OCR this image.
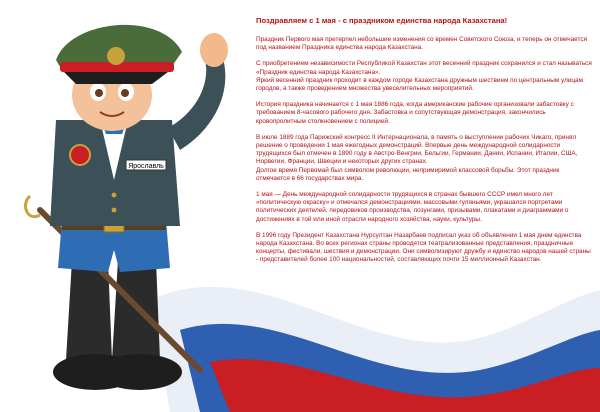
Ярославль
Поздравляем с 1 мая - с праздником единства народа Казахстана!

Праздник Первого мая претерпел небольшие изменения со времен Советского Союза, и теперь он отмечается под названием Праздника единства народа Казахстана.

С приобретением независимости Республикой Казахстан этот весенний праздник сохранился и стал называться «Праздник единства народа Казахстана».

Яркий весенний праздник проходит в каждом городе Казахстана дружным шествием по центральным улицам городов, а также проведением множества увеселительных мероприятий.

История праздника начинается с 1 мая 1886 года, когда американские рабочие организовали забастовку с требованием 8-часового рабочего дня. Забастовка и сопутствующая демонстрация, закончились кровопролитным столкновением с полицией.

В июле 1889 года Парижский конгресс II Интернационала, в память о выступлении рабочих Чикаго, принял решение о проведении 1 мая ежегодных демонстраций. Впервые день международной солидарности трудящихся был отмечен в 1890 году в Австро-Венгрии, Бельгии, Германии, Дании, Испании, Италии, США, Норвегии, Франции, Швеции и некоторых других странах.

Долгое время Первомай был символом революции, непримиримой классовой борьбы. Этот праздник отмечается в 66 государствах мира.

1 мая — День международной солидарности трудящихся в странах бывшего СССР имел много лет «политическую окраску» и отмечался демонстрациями, массовыми гуляньями, украшался портретами политических деятелей, передовиков производства, лозунгами, призывами, плакатами и диаграммами о достижениях в той или иной отрасли народного хозяйства, науки, культуры.

В 1996 году Президент Казахстана Нурсултан Назарбаев подписал указ об объявлении 1 мая днем единства народа Казахстана. Во всех регионах страны проводятся театрализованные представления, праздничные концерты, фестивали, шествия и демонстрации. Они символизируют дружбу и единство народов нашей страны - представителей более 100 национальностей, составляющих почти 15 миллионный Казахстан.
